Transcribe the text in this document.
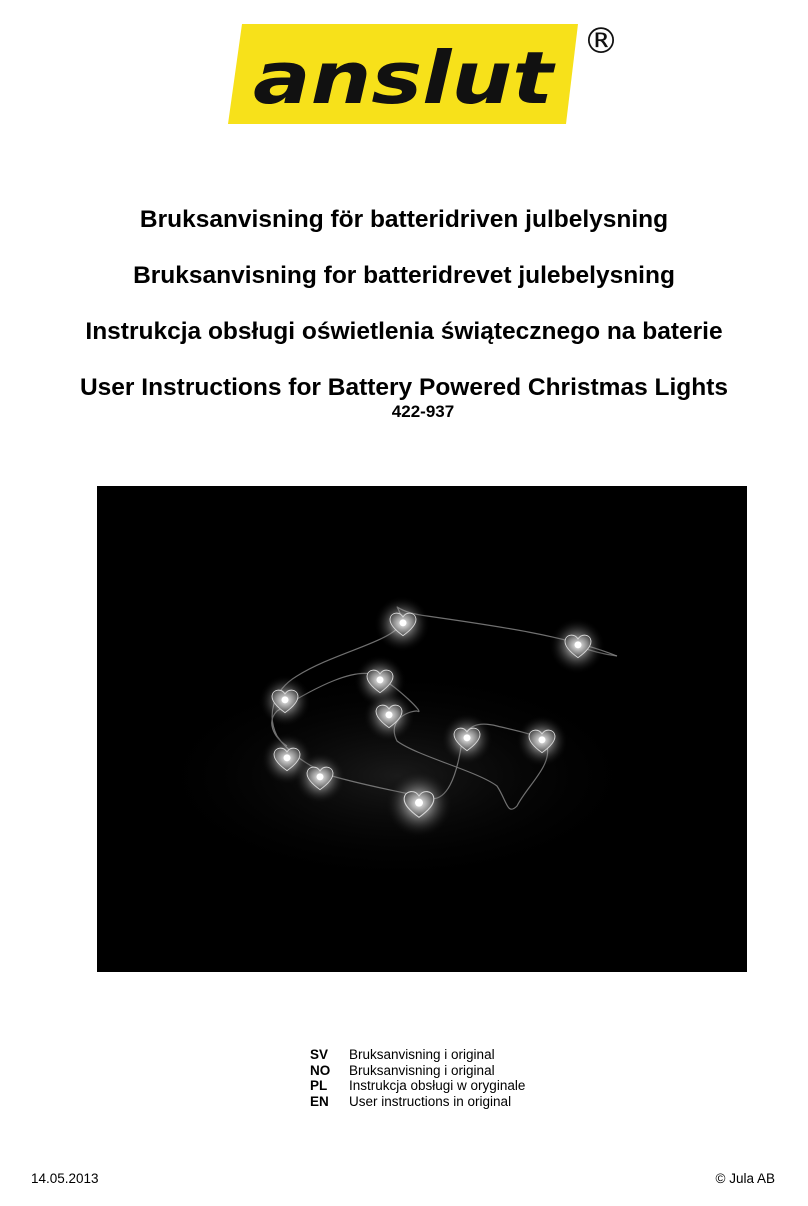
anslut ®
Bruksanvisning för batteridriven julbelysning
Bruksanvisning for batteridrevet julebelysning
Instrukcja obsługi oświetlenia świątecznego na baterie
User Instructions for Battery Powered Christmas Lights
422-937
SV	Bruksanvisning i original
NO	Bruksanvisning i original
PL	Instrukcja obsługi w oryginale
EN	User instructions in original
14.05.2013	© Jula AB
